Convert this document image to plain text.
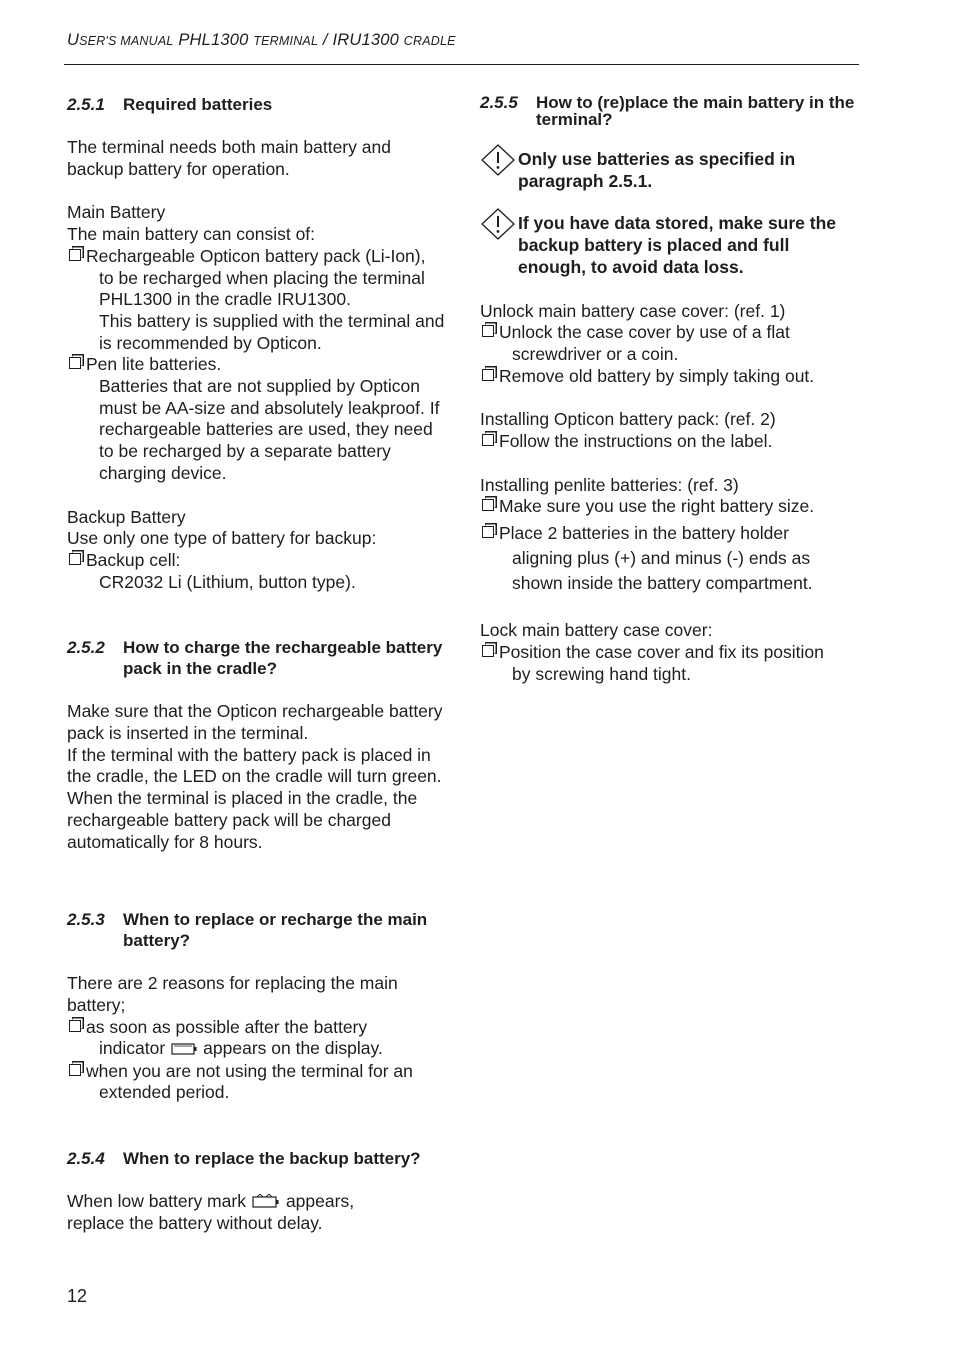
USER'S MANUAL PHL1300 TERMINAL / IRU1300 CRADLE
2.5.1	Required batteries

The terminal needs both main battery and backup battery for operation.

Main Battery

The main battery can consist of:

Rechargeable Opticon battery pack (Li-Ion),

to be recharged when placing the terminal PHL1300 in the cradle IRU1300.

This battery is supplied with the terminal and is recommended by Opticon.

Pen lite batteries.

Batteries that are not supplied by Opticon must be AA-size and absolutely leakproof. If rechargeable batteries are used, they need to be recharged by a separate battery charging device.

Backup Battery

Use only one type of battery for backup:

Backup cell:

CR2032 Li (Lithium, button type).

2.5.2	How to charge the rechargeable battery pack in the cradle?

Make sure that the Opticon rechargeable battery pack is inserted in the terminal.

If the terminal with the battery pack is placed in the cradle, the LED on the cradle will turn green.

When the terminal is placed in the cradle, the rechargeable battery pack will be charged automatically for 8 hours.

2.5.3	When to replace or recharge the main battery?

There are 2 reasons for replacing the main battery;

as soon as possible after the battery

indicator appears on the display.

when you are not using the terminal for an

extended period.

2.5.4	When to replace the backup battery?

When low battery mark appears,

replace the battery without delay.

2.5.5	How to (re)place the main battery in the terminal?
Only use batteries as specified in paragraph 2.5.1.
If you have data stored, make sure the backup battery is placed and full enough, to avoid data loss.

Unlock main battery case cover: (ref. 1)

Unlock the case cover by use of a flat

screwdriver or a coin.

Remove old battery by simply taking out.

Installing Opticon battery pack: (ref. 2)

Follow the instructions on the label.

Installing penlite batteries: (ref. 3)

Make sure you use the right battery size.
Place 2 batteries in the battery holder

aligning plus (+) and minus (-) ends as shown inside the battery compartment.

Lock main battery case cover:

Position the case cover and fix its position

by screwing hand tight.

12
